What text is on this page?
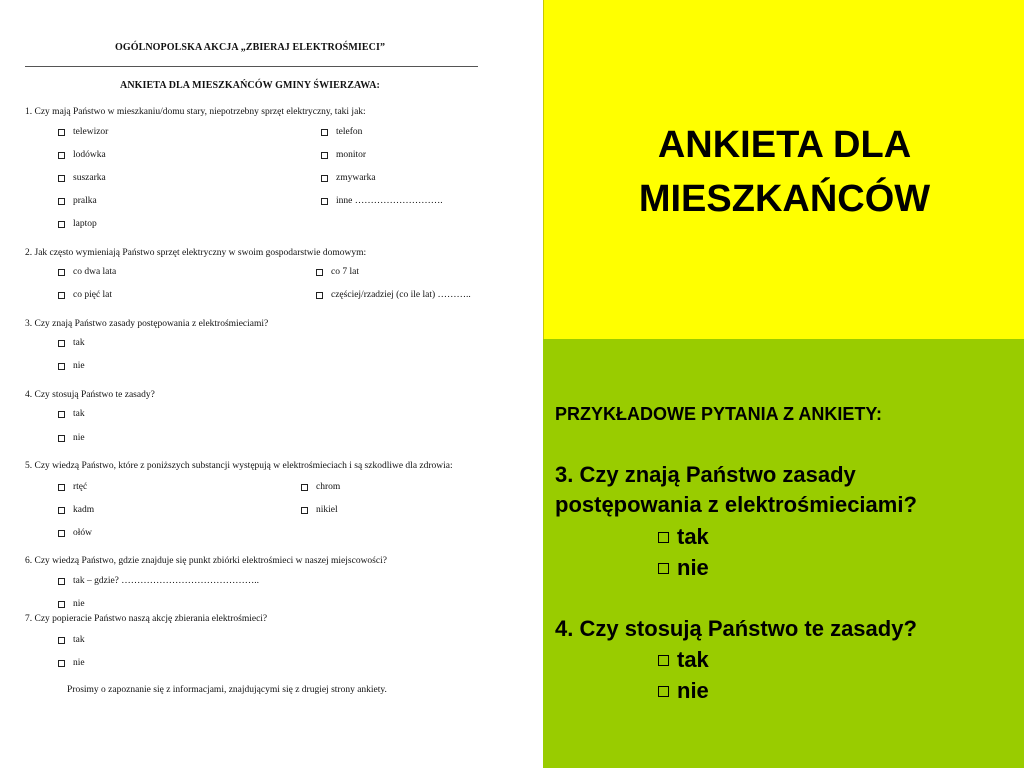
OGÓLNOPOLSKA AKCJA „ZBIERAJ ELEKTROŚMIECI”
ANKIETA DLA MIESZKAŃCÓW GMINY ŚWIERZAWA:
1. Czy mają Państwo w mieszkaniu/domu stary, niepotrzebny sprzęt elektryczny, taki jak:
telewizor	telefon
lodówka	monitor
suszarka	zmywarka
pralka	inne ……………………….
laptop
2. Jak często wymieniają Państwo sprzęt elektryczny w swoim gospodarstwie domowym:
co dwa lata	co 7 lat
co pięć lat	częściej/rzadziej (co ile lat) ………..
3. Czy znają Państwo zasady postępowania z elektrośmieciami?
tak
nie
4. Czy stosują Państwo te zasady?
tak
nie
5. Czy wiedzą Państwo, które z poniższych substancji występują w elektrośmieciach i są szkodliwe dla zdrowia:
rtęć	chrom
kadm	nikiel
ołów
6. Czy wiedzą Państwo, gdzie znajduje się punkt zbiórki elektrośmieci w naszej miejscowości?
tak – gdzie? ……………………………………..
nie
7. Czy popieracie Państwo naszą akcję zbierania elektrośmieci?
tak
nie
Prosimy o zapoznanie się z informacjami, znajdującymi się z drugiej strony ankiety.
ANKIETA DLA
MIESZKAŃCÓW
PRZYKŁADOWE PYTANIA Z ANKIETY:
3. Czy znają Państwo zasady
postępowania z elektrośmieciami?
tak
nie
4. Czy stosują Państwo te zasady?
tak
nie
